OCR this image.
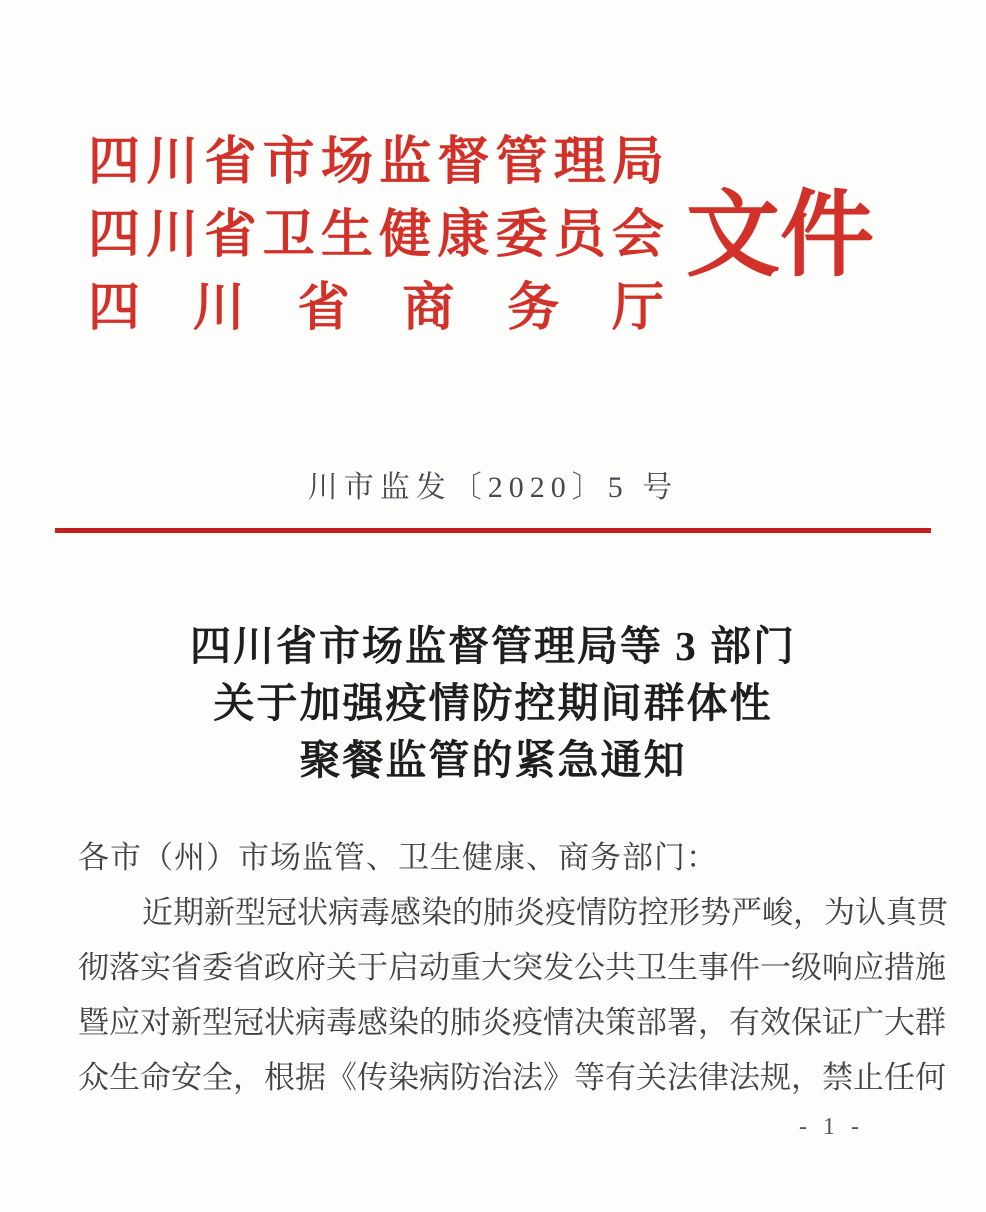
四川省市场监督管理局
四川省卫生健康委员会
四川省商务厅
文件
川市监发〔2020〕5 号
四川省市场监督管理局等 3 部门
关于加强疫情防控期间群体性
聚餐监管的紧急通知
各市（州）市场监管、卫生健康、商务部门：
近期新型冠状病毒感染的肺炎疫情防控形势严峻，为认真贯
彻落实省委省政府关于启动重大突发公共卫生事件一级响应措施
暨应对新型冠状病毒感染的肺炎疫情决策部署，有效保证广大群
众生命安全，根据《传染病防治法》等有关法律法规，禁止任何
- 1 -
